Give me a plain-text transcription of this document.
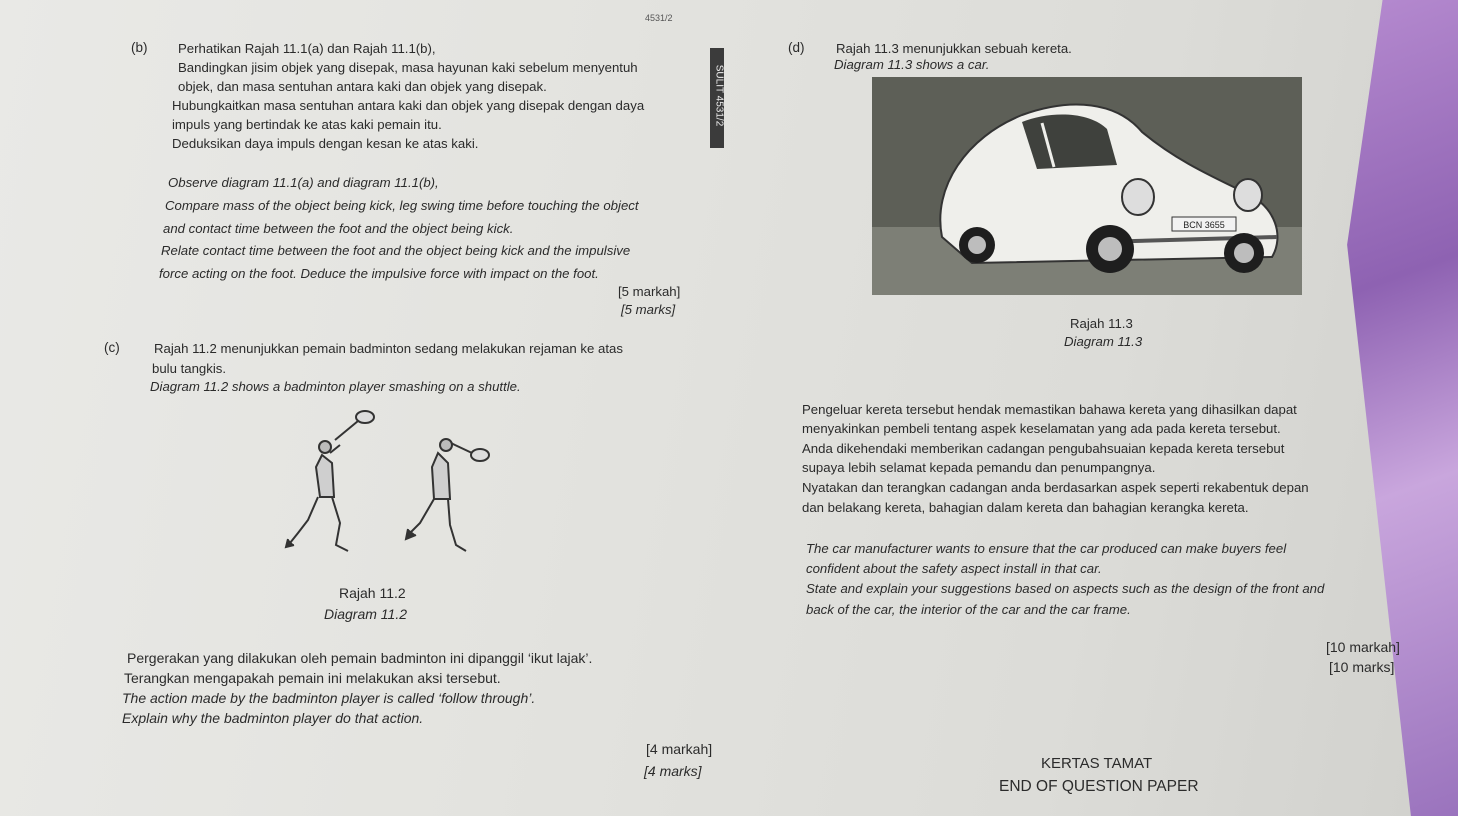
4531/2
SULIT 4531/2
(b) Perhatikan Rajah 11.1(a) dan Rajah 11.1(b),
Bandingkan jisim objek yang disepak, masa hayunan kaki sebelum menyentuh
objek, dan masa sentuhan antara kaki dan objek yang disepak.
Hubungkaitkan masa sentuhan antara kaki dan objek yang disepak dengan daya
impuls yang bertindak ke atas kaki pemain itu.
Deduksikan daya impuls dengan kesan ke atas kaki.
Observe diagram 11.1(a) and diagram 11.1(b),
Compare mass of the object being kick, leg swing time before touching the object
and contact time between the foot and the object being kick.
Relate contact time between the foot and the object being kick and the impulsive
force acting on the foot. Deduce the impulsive force with impact on the foot.
[5 markah]
[5 marks]
(c)	Rajah 11.2 menunjukkan pemain badminton sedang melakukan rejaman ke atas
bulu tangkis.
Diagram 11.2 shows a badminton player smashing on a shuttle.
Rajah 11.2
Diagram 11.2
Pergerakan yang dilakukan oleh pemain badminton ini dipanggil ‘ikut lajak’.
Terangkan mengapakah pemain ini melakukan aksi tersebut.
The action made by the badminton player is called ‘follow through’.
Explain why the badminton player do that action.
[4 markah]
[4 marks]
(d) Rajah 11.3 menunjukkan sebuah kereta.
Diagram 11.3 shows a car.
BCN 3655
Rajah 11.3
Diagram 11.3
Pengeluar kereta tersebut hendak memastikan bahawa kereta yang dihasilkan dapat
menyakinkan pembeli tentang aspek keselamatan yang ada pada kereta tersebut.
Anda dikehendaki memberikan cadangan pengubahsuaian kepada kereta tersebut
supaya lebih selamat kepada pemandu dan penumpangnya.
Nyatakan dan terangkan cadangan anda berdasarkan aspek seperti rekabentuk depan
dan belakang kereta, bahagian dalam kereta dan bahagian kerangka kereta.
The car manufacturer wants to ensure that the car produced can make buyers feel
confident about the safety aspect install in that car.
State and explain your suggestions based on aspects such as the design of the front and
back of the car, the interior of the car and the car frame.
[10 markah]
[10 marks]
KERTAS TAMAT
END OF QUESTION PAPER
